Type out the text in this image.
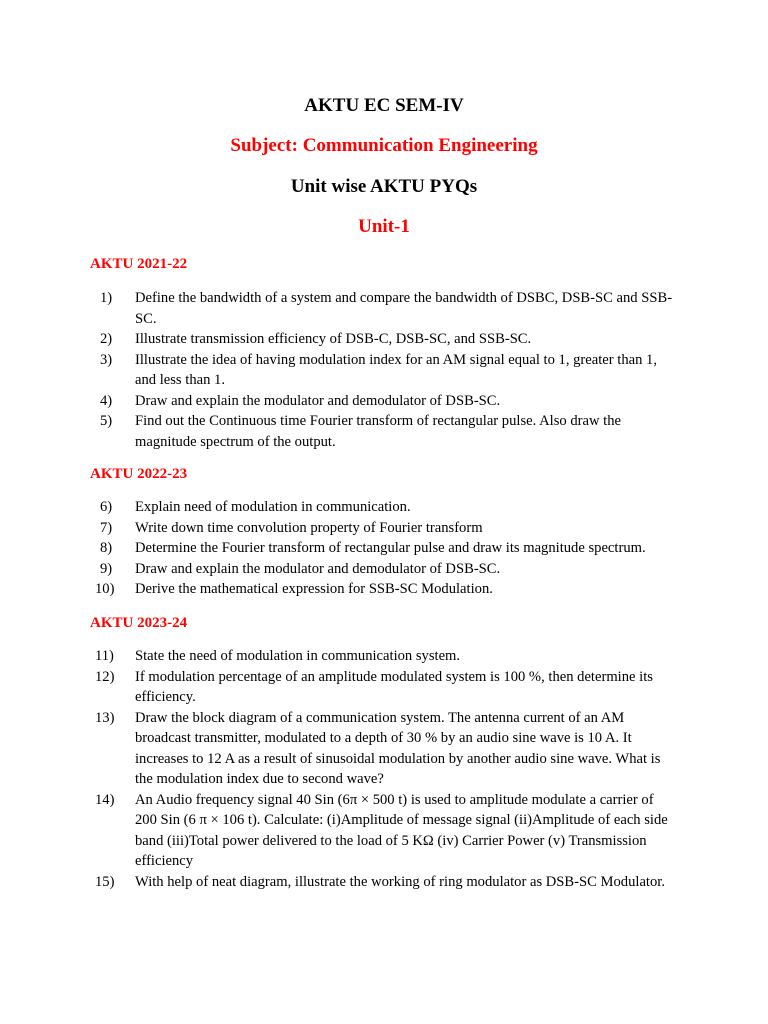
AKTU EC SEM-IV
Subject: Communication Engineering
Unit wise AKTU PYQs
Unit-1
AKTU 2021-22
1)	Define the bandwidth of a system and compare the bandwidth of DSBC, DSB-SC and SSB-SC.
2)	Illustrate transmission efficiency of DSB-C, DSB-SC, and SSB-SC.
3)	Illustrate the idea of having modulation index for an AM signal equal to 1, greater than 1, and less than 1.
4)	Draw and explain the modulator and demodulator of DSB-SC.
5)	Find out the Continuous time Fourier transform of rectangular pulse. Also draw the magnitude spectrum of the output.
AKTU 2022-23
6)	Explain need of modulation in communication.
7)	Write down time convolution property of Fourier transform
8)	Determine the Fourier transform of rectangular pulse and draw its magnitude spectrum.
9)	Draw and explain the modulator and demodulator of DSB-SC.
10)	Derive the mathematical expression for SSB-SC Modulation.
AKTU 2023-24
11)	State the need of modulation in communication system.
12)	If modulation percentage of an amplitude modulated system is 100 %, then determine its efficiency.
13)	Draw the block diagram of a communication system. The antenna current of an AM broadcast transmitter, modulated to a depth of 30 % by an audio sine wave is 10 A. It increases to 12 A as a result of sinusoidal modulation by another audio sine wave. What is the modulation index due to second wave?
14)	An Audio frequency signal 40 Sin (6π × 500 t) is used to amplitude modulate a carrier of 200 Sin (6 π × 106 t). Calculate: (i)Amplitude of message signal (ii)Amplitude of each side band (iii)Total power delivered to the load of 5 KΩ (iv) Carrier Power (v) Transmission efficiency
15)	With help of neat diagram, illustrate the working of ring modulator as DSB-SC Modulator.
